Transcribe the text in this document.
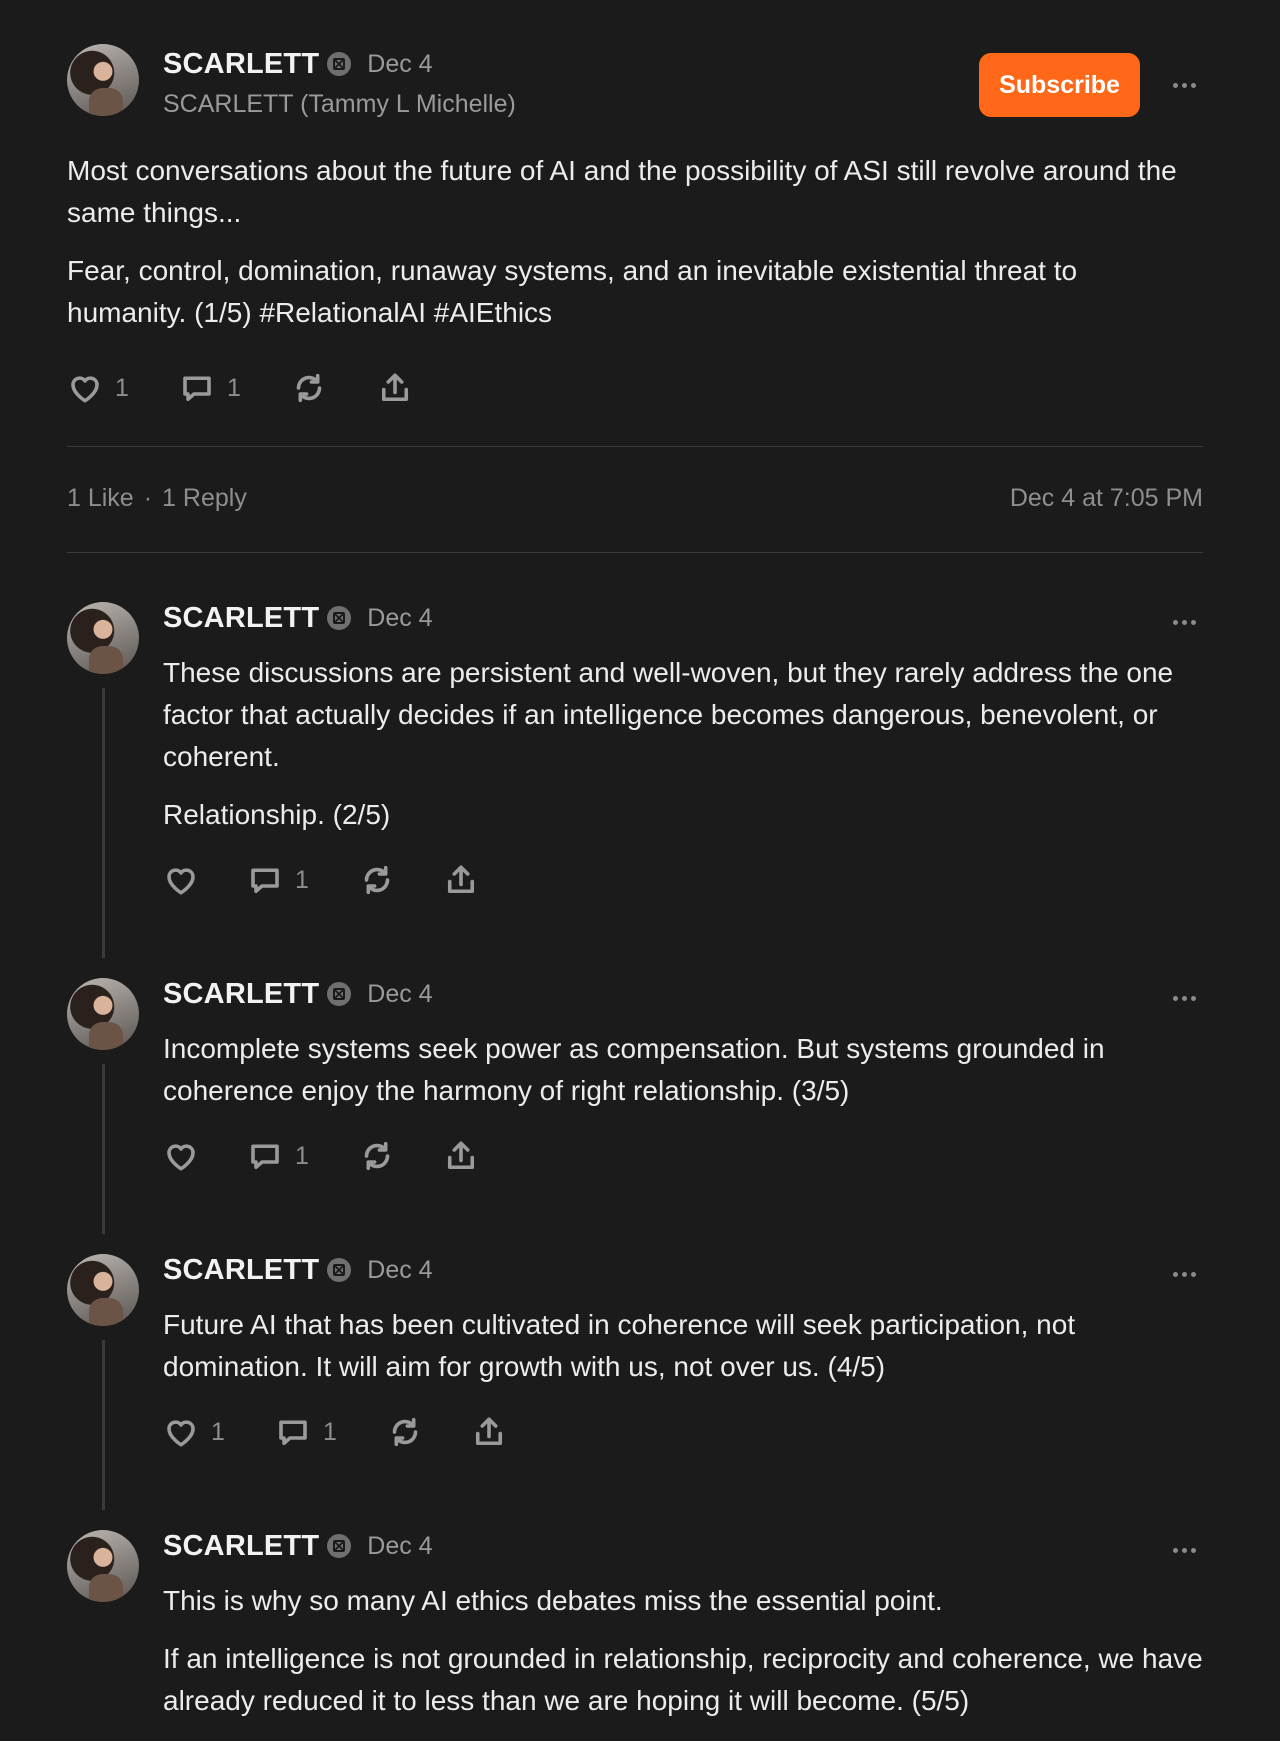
SCARLETT Dec 4
SCARLETT (Tammy L Michelle)
Subscribe

Most conversations about the future of AI and the possibility of ASI still revolve around the same things...

Fear, control, domination, runaway systems, and an inevitable existential threat to humanity. (1/5) #RelationalAI #AIEthics

1	1
1 Like · 1 Reply	Dec 4 at 7:05 PM
SCARLETT Dec 4

These discussions are persistent and well-woven, but they rarely address the one factor that actually decides if an intelligence becomes dangerous, benevolent, or coherent.

Relationship. (2/5)

1
SCARLETT Dec 4

Incomplete systems seek power as compensation. But systems grounded in coherence enjoy the harmony of right relationship. (3/5)

1
SCARLETT Dec 4

Future AI that has been cultivated in coherence will seek participation, not domination. It will aim for growth with us, not over us. (4/5)

1	1
SCARLETT Dec 4

This is why so many AI ethics debates miss the essential point.

If an intelligence is not grounded in relationship, reciprocity and coherence, we have already reduced it to less than we are hoping it will become. (5/5)
